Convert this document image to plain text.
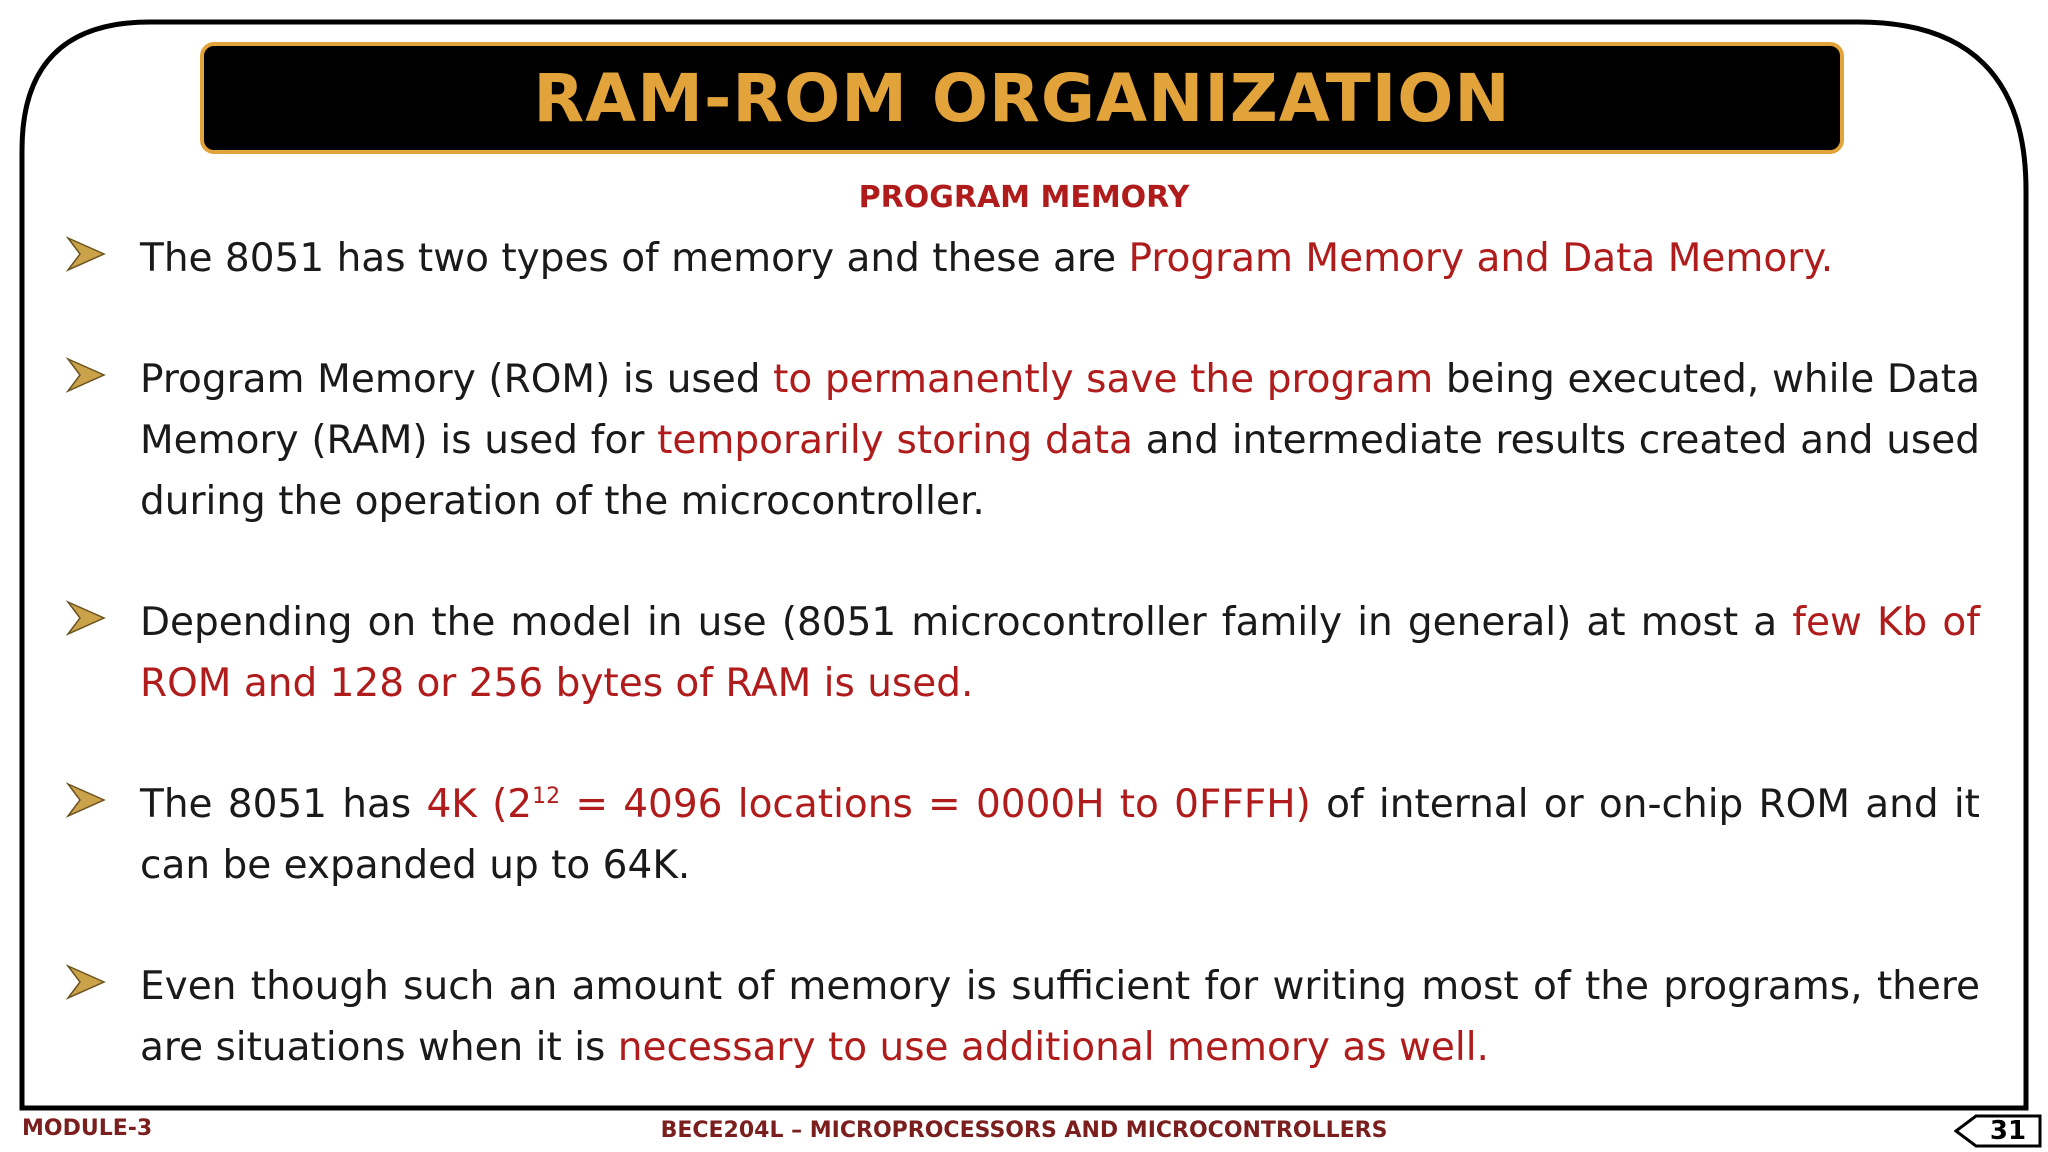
RAM-ROM ORGANIZATION
PROGRAM MEMORY
The 8051 has two types of memory and these are Program Memory and Data Memory.
Program Memory (ROM) is used to permanently save the program being executed, while Data Memory (RAM) is used for temporarily storing data and intermediate results created and used during the operation of the microcontroller.
Depending on the model in use (8051 microcontroller family in general) at most a few Kb of ROM and 128 or 256 bytes of RAM is used.
The 8051 has 4K ($2^{12} = 4096$ locations = 0000H to 0FFFH) of internal or on-chip ROM and it can be expanded up to 64K.
Even though such an amount of memory is sufficient for writing most of the programs, there are situations when it is necessary to use additional memory as well.
MODULE-3	BECE204L – MICROPROCESSORS AND MICROCONTROLLERS	31
